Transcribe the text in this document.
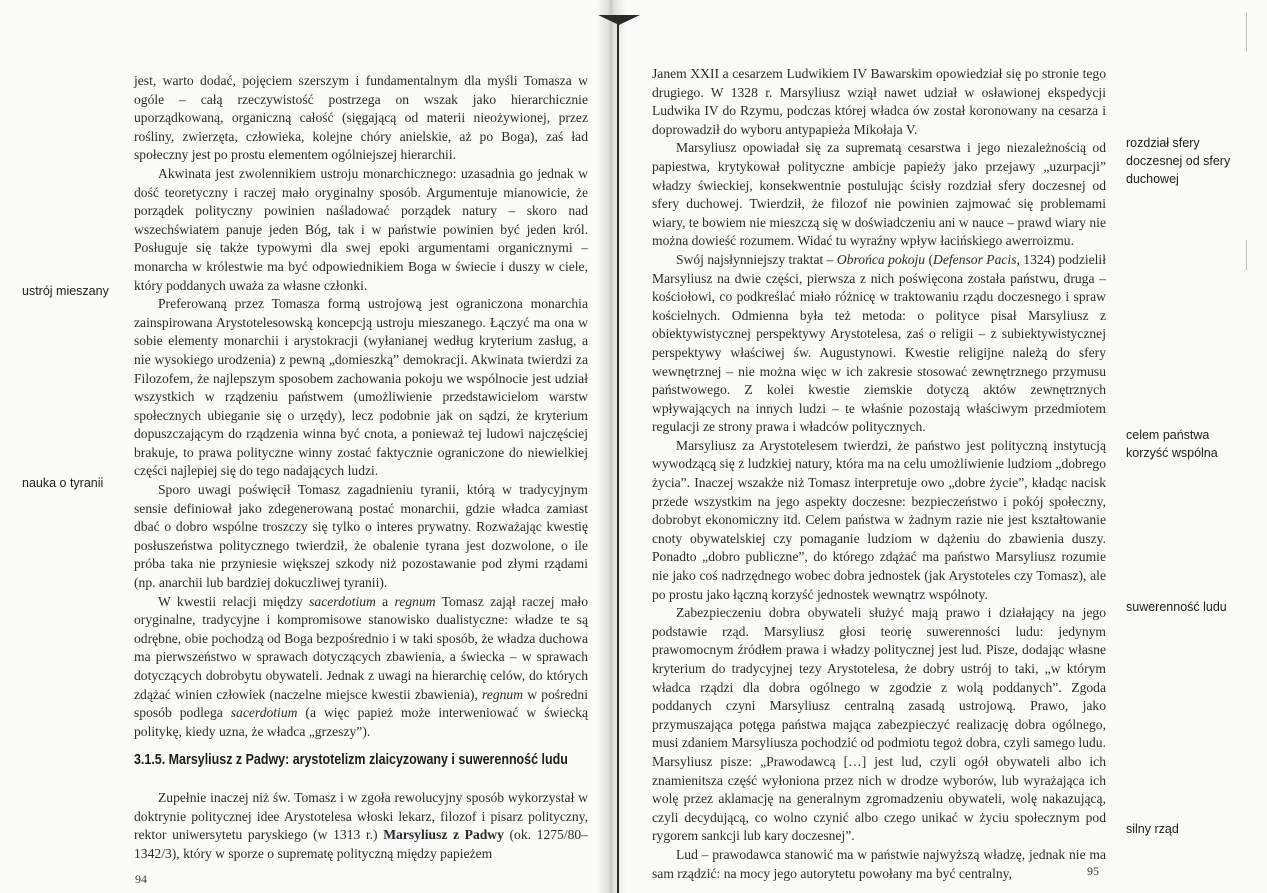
jest, warto dodać, pojęciem szerszym i fundamentalnym dla myśli Tomasza w ogóle – całą rzeczywistość postrzega on wszak jako hierarchicznie uporządkowaną, organiczną całość (sięgającą od materii nieożywionej, przez rośliny, zwierzęta, człowieka, kolejne chóry anielskie, aż po Boga), zaś ład społeczny jest po prostu elementem ogólniejszej hierarchii.

Akwinata jest zwolennikiem ustroju monarchicznego: uzasadnia go jednak w dość teoretyczny i raczej mało oryginalny sposób. Argumentuje mianowicie, że porządek polityczny powinien naśladować porządek natury – skoro nad wszechświatem panuje jeden Bóg, tak i w państwie powinien być jeden król. Posługuje się także typowymi dla swej epoki argumentami organicznymi – monarcha w królestwie ma być odpowiednikiem Boga w świecie i duszy w ciele, który poddanych uważa za własne członki.

Preferowaną przez Tomasza formą ustrojową jest ograniczona monarchia zainspirowana Arystotelesowską koncepcją ustroju mieszanego. Łączyć ma ona w sobie elementy monarchii i arystokracji (wyłanianej według kryterium zasług, a nie wysokiego urodzenia) z pewną „domieszką” demokracji. Akwinata twierdzi za Filozofem, że najlepszym sposobem zachowania pokoju we wspólnocie jest udział wszystkich w rządzeniu państwem (umożliwienie przedstawicielom warstw społecznych ubieganie się o urzędy), lecz podobnie jak on sądzi, że kryterium dopuszczającym do rządzenia winna być cnota, a ponieważ tej ludowi najczęściej brakuje, to prawa polityczne winny zostać faktycznie ograniczone do niewielkiej części najlepiej się do tego nadających ludzi.

Sporo uwagi poświęcił Tomasz zagadnieniu tyranii, którą w tradycyjnym sensie definiował jako zdegenerowaną postać monarchii, gdzie władca zamiast dbać o dobro wspólne troszczy się tylko o interes prywatny. Rozważając kwestię posłuszeństwa politycznego twierdził, że obalenie tyrana jest dozwolone, o ile próba taka nie przyniesie większej szkody niż pozostawanie pod złymi rządami (np. anarchii lub bardziej dokuczliwej tyranii).

W kwestii relacji między sacerdotium a regnum Tomasz zajął raczej mało oryginalne, tradycyjne i kompromisowe stanowisko dualistyczne: władze te są odrębne, obie pochodzą od Boga bezpośrednio i w taki sposób, że władza duchowa ma pierwszeństwo w sprawach dotyczących zbawienia, a świecka – w sprawach dotyczących dobrobytu obywateli. Jednak z uwagi na hierarchię celów, do których zdążać winien człowiek (naczelne miejsce kwestii zbawienia), regnum w pośredni sposób podlega sacerdotium (a więc papież może interweniować w świecką politykę, kiedy uzna, że władca „grzeszy”).

3.1.5. Marsyliusz z Padwy: arystotelizm zlaicyzowany i suwerenność ludu

Zupełnie inaczej niż św. Tomasz i w zgoła rewolucyjny sposób wykorzystał w doktrynie politycznej idee Arystotelesa włoski lekarz, filozof i pisarz polityczny, rektor uniwersytetu paryskiego (w 1313 r.) Marsyliusz z Padwy (ok. 1275/80–1342/3), który w sporze o suprematę polityczną między papieżem

ustrój mieszany
nauka o tyranii
94

Janem XXII a cesarzem Ludwikiem IV Bawarskim opowiedział się po stronie tego drugiego. W 1328 r. Marsyliusz wziął nawet udział w osławionej ekspedycji Ludwika IV do Rzymu, podczas której władca ów został koronowany na cesarza i doprowadził do wyboru antypapieża Mikołaja V.

Marsyliusz opowiadał się za suprematą cesarstwa i jego niezależnością od papiestwa, krytykował polityczne ambicje papieży jako przejawy „uzurpacji” władzy świeckiej, konsekwentnie postulując ścisły rozdział sfery doczesnej od sfery duchowej. Twierdził, że filozof nie powinien zajmować się problemami wiary, te bowiem nie mieszczą się w doświadczeniu ani w nauce – prawd wiary nie można dowieść rozumem. Widać tu wyraźny wpływ łacińskiego awerroizmu.

Swój najsłynniejszy traktat – Obrońca pokoju (Defensor Pacis, 1324) podzielił Marsyliusz na dwie części, pierwsza z nich poświęcona została państwu, druga – kościołowi, co podkreślać miało różnicę w traktowaniu rządu doczesnego i spraw kościelnych. Odmienna była też metoda: o polityce pisał Marsyliusz z obiektywistycznej perspektywy Arystotelesa, zaś o religii – z subiektywistycznej perspektywy właściwej św. Augustynowi. Kwestie religijne należą do sfery wewnętrznej – nie można więc w ich zakresie stosować zewnętrznego przymusu państwowego. Z kolei kwestie ziemskie dotyczą aktów zewnętrznych wpływających na innych ludzi – te właśnie pozostają właściwym przedmiotem regulacji ze strony prawa i władców politycznych.

Marsyliusz za Arystotelesem twierdzi, że państwo jest polityczną instytucją wywodzącą się z ludzkiej natury, która ma na celu umożliwienie ludziom „dobrego życia”. Inaczej wszakże niż Tomasz interpretuje owo „dobre życie”, kładąc nacisk przede wszystkim na jego aspekty doczesne: bezpieczeństwo i pokój społeczny, dobrobyt ekonomiczny itd. Celem państwa w żadnym razie nie jest kształtowanie cnoty obywatelskiej czy pomaganie ludziom w dążeniu do zbawienia duszy. Ponadto „dobro publiczne”, do którego zdążać ma państwo Marsyliusz rozumie nie jako coś nadrzędnego wobec dobra jednostek (jak Arystoteles czy Tomasz), ale po prostu jako łączną korzyść jednostek wewnątrz wspólnoty.

Zabezpieczeniu dobra obywateli służyć mają prawo i działający na jego podstawie rząd. Marsyliusz głosi teorię suwerenności ludu: jedynym prawomocnym źródłem prawa i władzy politycznej jest lud. Pisze, dodając własne kryterium do tradycyjnej tezy Arystotelesa, że dobry ustrój to taki, „w którym władca rządzi dla dobra ogólnego w zgodzie z wolą poddanych”. Zgoda poddanych czyni Marsyliusz centralną zasadą ustrojową. Prawo, jako przymuszająca potęga państwa mająca zabezpieczyć realizację dobra ogólnego, musi zdaniem Marsyliusza pochodzić od podmiotu tegoż dobra, czyli samego ludu. Marsyliusz pisze: „Prawodawcą […] jest lud, czyli ogół obywateli albo ich znamienitsza część wyłoniona przez nich w drodze wyborów, lub wyrażająca ich wolę przez aklamację na generalnym zgromadzeniu obywateli, wolę nakazującą, czyli decydującą, co wolno czynić albo czego unikać w życiu społecznym pod rygorem sankcji lub kary doczesnej”.

Lud – prawodawca stanowić ma w państwie najwyższą władzę, jednak nie ma sam rządzić: na mocy jego autorytetu powołany ma być centralny,

rozdział sfery doczesnej od sfery duchowej
celem państwa korzyść wspólna
suwerenność ludu
silny rząd
95
